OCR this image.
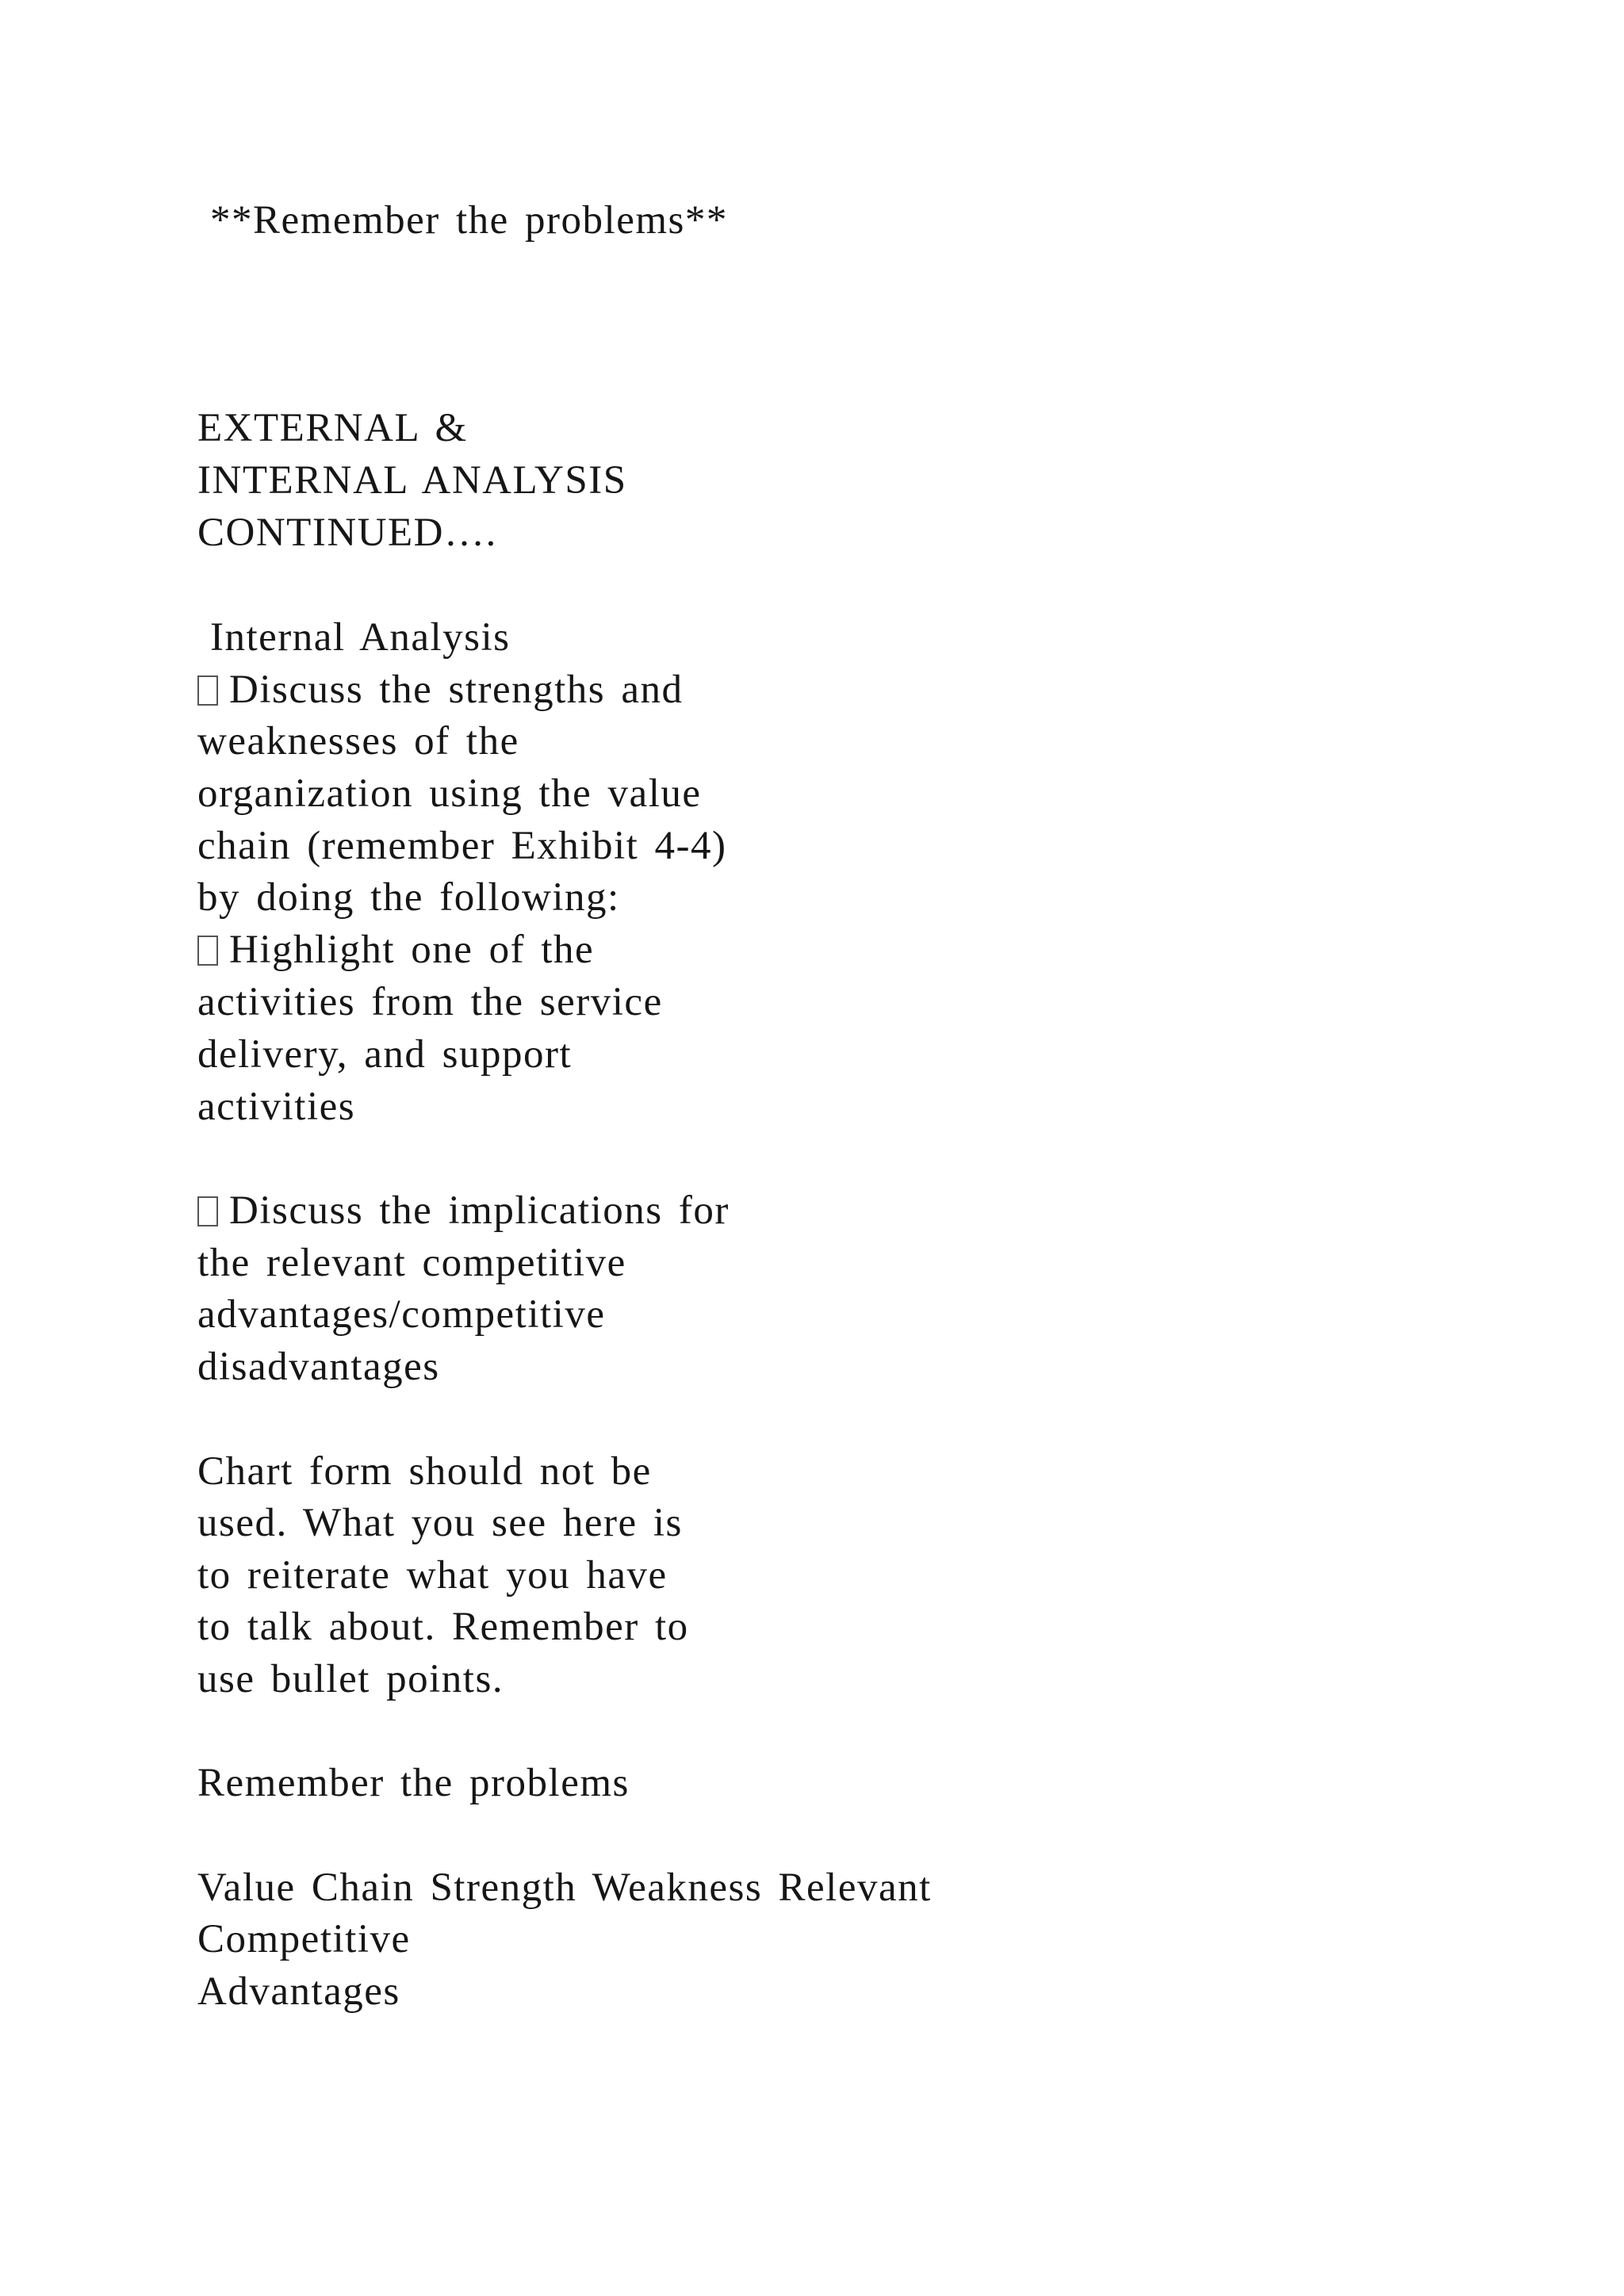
**Remember the problems**

EXTERNAL &

INTERNAL ANALYSIS

CONTINUED….

Internal Analysis

Discuss the strengths and

weaknesses of the

organization using the value

chain (remember Exhibit 4-4)

by doing the following:

Highlight one of the

activities from the service

delivery, and support

activities

Discuss the implications for

the relevant competitive

advantages/competitive

disadvantages

Chart form should not be

used. What you see here is

to reiterate what you have

to talk about. Remember to

use bullet points.

Remember the problems

Value Chain Strength Weakness Relevant

Competitive

Advantages
